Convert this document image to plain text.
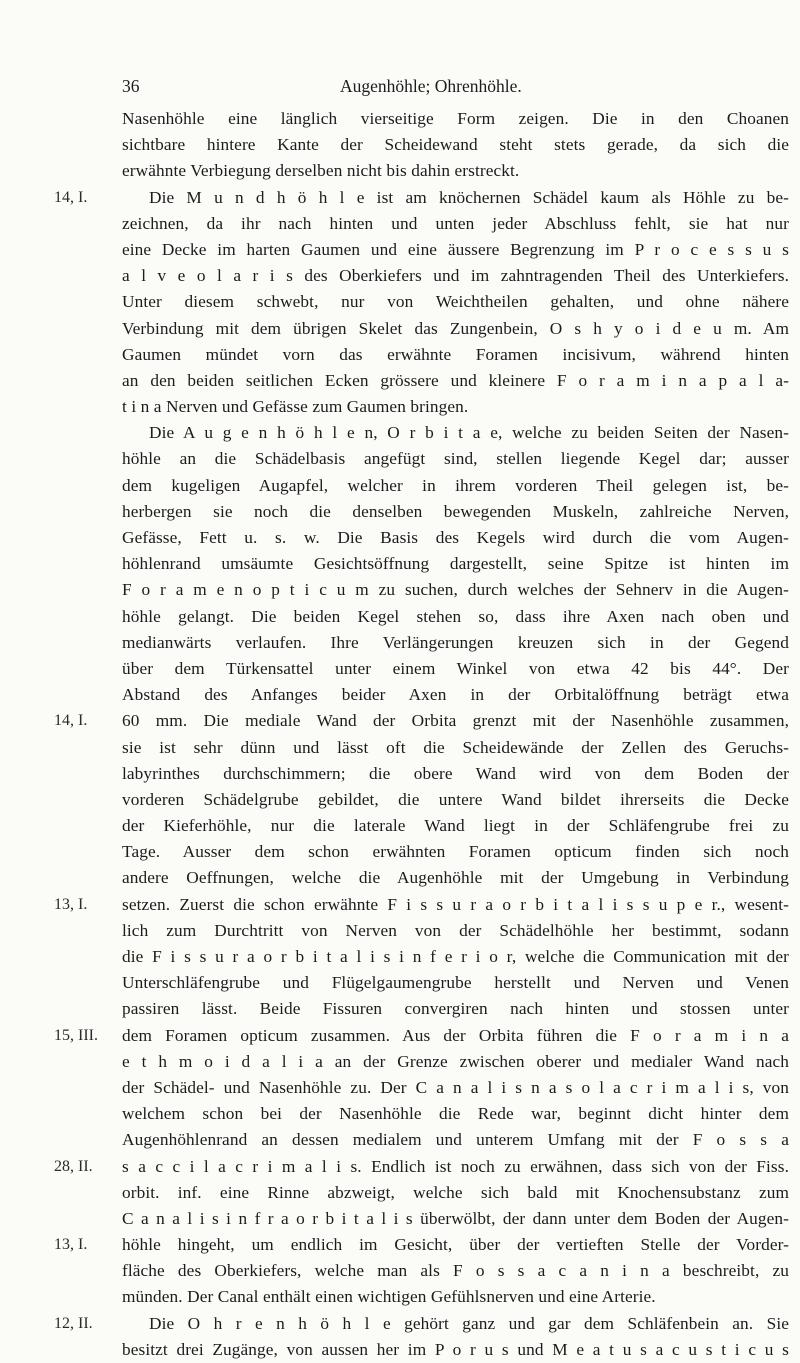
36	Augenhöhle; Ohrenhöhle.
Nasenhöhle eine länglich vierseitige Form zeigen. Die in den Choanen
sichtbare hintere Kante der Scheidewand steht stets gerade, da sich die
erwähnte Verbiegung derselben nicht bis dahin erstreckt.
14, I.	Die M u n d h ö h l e ist am knöchernen Schädel kaum als Höhle zu be-
zeichnen, da ihr nach hinten und unten jeder Abschluss fehlt, sie hat nur
eine Decke im harten Gaumen und eine äussere Begrenzung im P r o c e s s u s
a l v e o l a r i s des Oberkiefers und im zahntragenden Theil des Unterkiefers.
Unter diesem schwebt, nur von Weichtheilen gehalten, und ohne nähere
Verbindung mit dem übrigen Skelet das Zungenbein, O s h y o i d e u m. Am
Gaumen mündet vorn das erwähnte Foramen incisivum, während hinten
an den beiden seitlichen Ecken grössere und kleinere F o r a m i n a p a l a-
t i n a Nerven und Gefässe zum Gaumen bringen.
Die A u g e n h ö h l e n, O r b i t a e, welche zu beiden Seiten der Nasen-
höhle an die Schädelbasis angefügt sind, stellen liegende Kegel dar; ausser
dem kugeligen Augapfel, welcher in ihrem vorderen Theil gelegen ist, be-
herbergen sie noch die denselben bewegenden Muskeln, zahlreiche Nerven,
Gefässe, Fett u. s. w. Die Basis des Kegels wird durch die vom Augen-
höhlenrand umsäumte Gesichtsöffnung dargestellt, seine Spitze ist hinten im
F o r a m e n o p t i c u m zu suchen, durch welches der Sehnerv in die Augen-
höhle gelangt. Die beiden Kegel stehen so, dass ihre Axen nach oben und
medianwärts verlaufen. Ihre Verlängerungen kreuzen sich in der Gegend
über dem Türkensattel unter einem Winkel von etwa 42 bis 44°. Der
Abstand des Anfanges beider Axen in der Orbitalöffnung beträgt etwa
14, I. 60 mm. Die mediale Wand der Orbita grenzt mit der Nasenhöhle zusammen,
sie ist sehr dünn und lässt oft die Scheidewände der Zellen des Geruchs-
labyrinthes durchschimmern; die obere Wand wird von dem Boden der
vorderen Schädelgrube gebildet, die untere Wand bildet ihrerseits die Decke
der Kieferhöhle, nur die laterale Wand liegt in der Schläfengrube frei zu
Tage. Ausser dem schon erwähnten Foramen opticum finden sich noch
andere Oeffnungen, welche die Augenhöhle mit der Umgebung in Verbindung
13, I. setzen. Zuerst die schon erwähnte F i s s u r a o r b i t a l i s s u p e r., wesent-
lich zum Durchtritt von Nerven von der Schädelhöhle her bestimmt, sodann
die F i s s u r a o r b i t a l i s i n f e r i o r, welche die Communication mit der
Unterschläfengrube und Flügelgaumengrube herstellt und Nerven und Venen
passiren lässt. Beide Fissuren convergiren nach hinten und stossen unter
15, III. dem Foramen opticum zusammen. Aus der Orbita führen die F o r a m i n a
e t h m o i d a l i a an der Grenze zwischen oberer und medialer Wand nach
der Schädel- und Nasenhöhle zu. Der C a n a l i s n a s o l a c r i m a l i s, von
welchem schon bei der Nasenhöhle die Rede war, beginnt dicht hinter dem
Augenhöhlenrand an dessen medialem und unterem Umfang mit der F o s s a
28, II. s a c c i l a c r i m a l i s. Endlich ist noch zu erwähnen, dass sich von der Fiss.
orbit. inf. eine Rinne abzweigt, welche sich bald mit Knochensubstanz zum
C a n a l i s i n f r a o r b i t a l i s überwölbt, der dann unter dem Boden der Augen-
13, I. höhle hingeht, um endlich im Gesicht, über der vertieften Stelle der Vorder-
fläche des Oberkiefers, welche man als F o s s a c a n i n a beschreibt, zu
münden. Der Canal enthält einen wichtigen Gefühlsnerven und eine Arterie.
12, II.	Die O h r e n h ö h l e gehört ganz und gar dem Schläfenbein an. Sie
besitzt drei Zugänge, von aussen her im P o r u s und M e a t u s a c u s t i c u s
